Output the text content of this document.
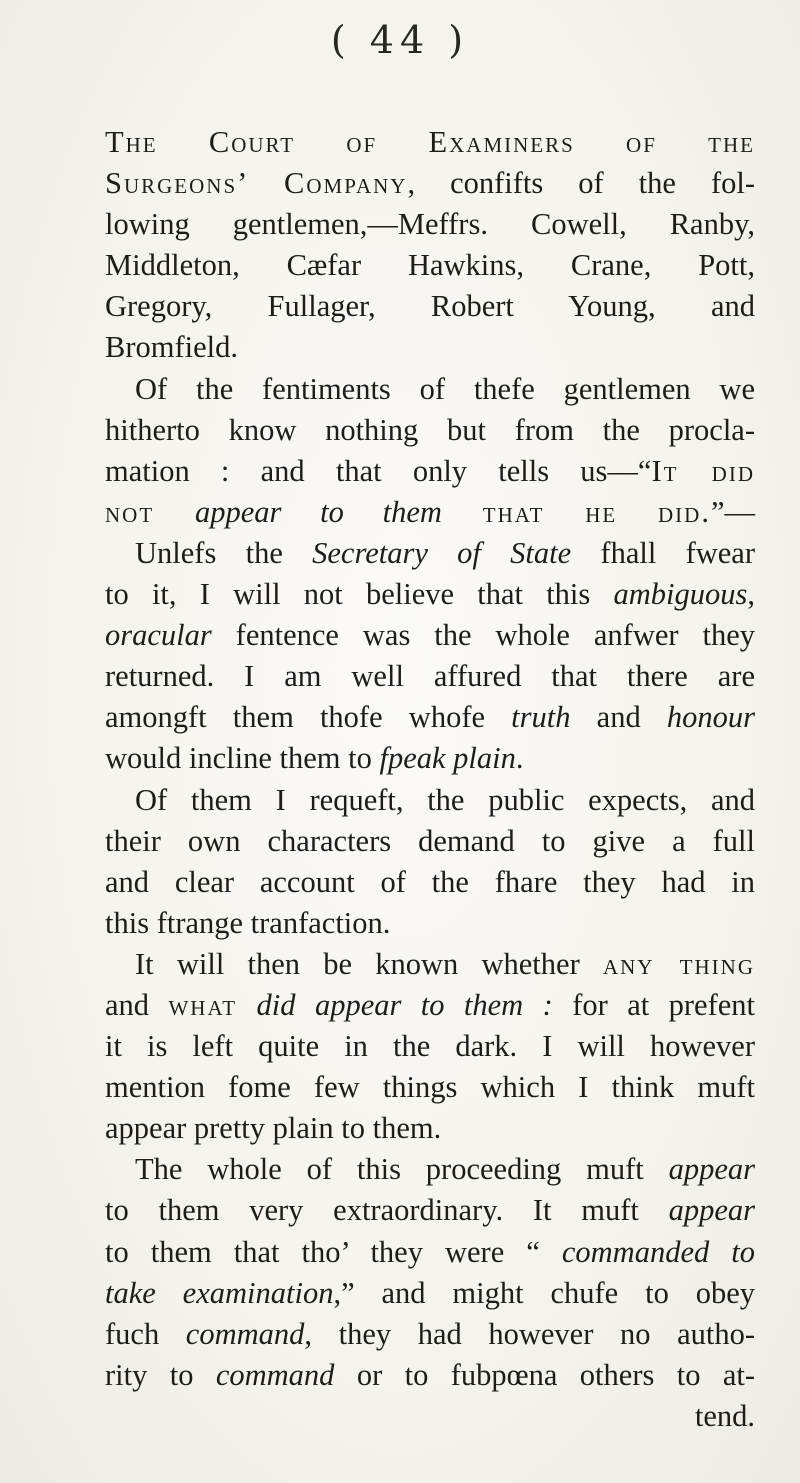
( 44 )
The Court of Examiners of the
Surgeons’ Company, confifts of the fol-
lowing gentlemen,—Meffrs. Cowell, Ranby,
Middleton, Cæfar Hawkins, Crane, Pott,
Gregory, Fullager, Robert Young, and
Bromfield.
Of the fentiments of thefe gentlemen we
hitherto know nothing but from the procla-
mation : and that only tells us—“It did
not appear to them that he did.”—
Unlefs the Secretary of State fhall fwear
to it, I will not believe that this ambiguous,
oracular fentence was the whole anfwer they
returned. I am well affured that there are
amongft them thofe whofe truth and honour
would incline them to fpeak plain.
Of them I requeft, the public expects, and
their own characters demand to give a full
and clear account of the fhare they had in
this ftrange tranfaction.
It will then be known whether any thing
and what did appear to them : for at prefent
it is left quite in the dark. I will however
mention fome few things which I think muft
appear pretty plain to them.
The whole of this proceeding muft appear
to them very extraordinary. It muft appear
to them that tho’ they were “ commanded to
take examination,” and might chufe to obey
fuch command, they had however no autho-
rity to command or to fubpœna others to at-
tend.
